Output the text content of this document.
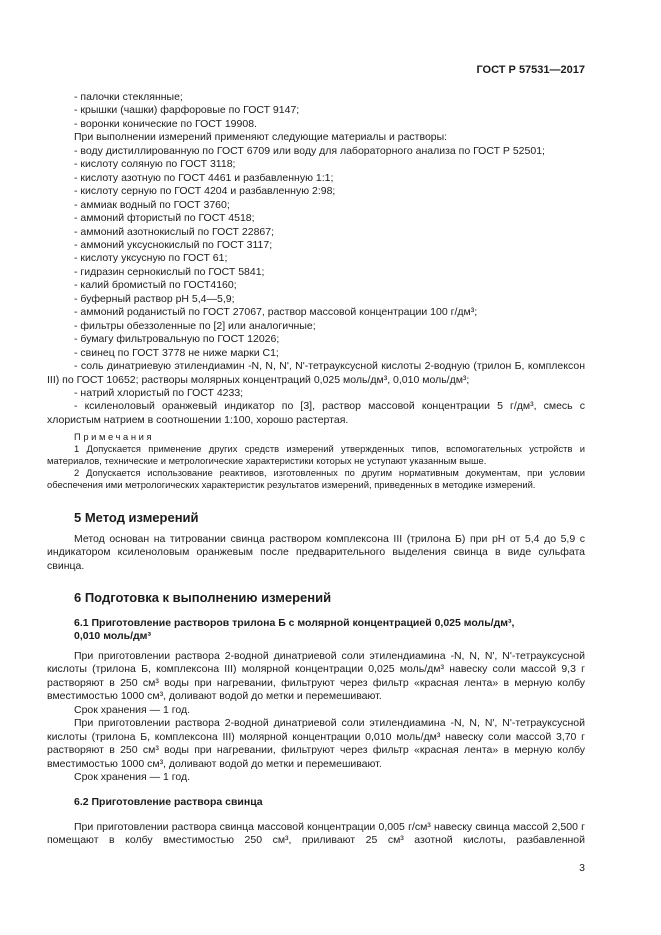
ГОСТ Р 57531—2017

- палочки стеклянные;

- крышки (чашки) фарфоровые по ГОСТ 9147;

- воронки конические по ГОСТ 19908.

При выполнении измерений применяют следующие материалы и растворы:

- воду дистиллированную по ГОСТ 6709 или воду для лабораторного анализа по ГОСТ Р 52501;

- кислоту соляную по ГОСТ 3118;

- кислоту азотную по ГОСТ 4461 и разбавленную 1:1;

- кислоту серную по ГОСТ 4204 и разбавленную 2:98;

- аммиак водный по ГОСТ 3760;

- аммоний фтористый по ГОСТ 4518;

- аммоний азотнокислый по ГОСТ 22867;

- аммоний уксуснокислый по ГОСТ 3117;

- кислоту уксусную по ГОСТ 61;

- гидразин сернокислый по ГОСТ 5841;

- калий бромистый по ГОСТ4160;

- буферный раствор рН 5,4—5,9;

- аммоний роданистый по ГОСТ 27067, раствор массовой концентрации 100 г/дм³;

- фильтры обеззоленные по [2] или аналогичные;

- бумагу фильтровальную по ГОСТ 12026;

- свинец по ГОСТ 3778 не ниже марки С1;

- соль динатриевую этилендиамин -N, N, N', N'-тетрауксусной кислоты 2-водную (трилон Б, комплексон III) по ГОСТ 10652; растворы молярных концентраций 0,025 моль/дм³, 0,010 моль/дм³;

- натрий хлористый по ГОСТ 4233;

- ксиленоловый оранжевый индикатор по [3], раствор массовой концентрации 5 г/дм³, смесь с хлористым натрием в соотношении 1:100, хорошо растертая.

Примечания

1 Допускается применение других средств измерений утвержденных типов, вспомогательных устройств и материалов, технические и метрологические характеристики которых не уступают указанным выше.

2 Допускается использование реактивов, изготовленных по другим нормативным документам, при условии обеспечения ими метрологических характеристик результатов измерений, приведенных в методике измерений.

5 Метод измерений

Метод основан на титровании свинца раствором комплексона III (трилона Б) при рН от 5,4 до 5,9 с индикатором ксиленоловым оранжевым после предварительного выделения свинца в виде сульфата свинца.

6 Подготовка к выполнению измерений
6.1 Приготовление растворов трилона Б с молярной концентрацией 0,025 моль/дм³,
0,010 моль/дм³

При приготовлении раствора 2-водной динатриевой соли этилендиамина -N, N, N', N'-тетрауксусной кислоты (трилона Б, комплексона III) молярной концентрации 0,025 моль/дм³ навеску соли массой 9,3 г растворяют в 250 см³ воды при нагревании, фильтруют через фильтр «красная лента» в мерную колбу вместимостью 1000 см³, доливают водой до метки и перемешивают.

Срок хранения — 1 год.

При приготовлении раствора 2-водной динатриевой соли этилендиамина -N, N, N', N'-тетрауксусной кислоты (трилона Б, комплексона III) молярной концентрации 0,010 моль/дм³ навеску соли массой 3,70 г растворяют в 250 см³ воды при нагревании, фильтруют через фильтр «красная лента» в мерную колбу вместимостью 1000 см³, доливают водой до метки и перемешивают.

Срок хранения — 1 год.

6.2 Приготовление раствора свинца

При приготовлении раствора свинца массовой концентрации 0,005 г/см³ навеску свинца массой 2,500 г помещают в колбу вместимостью 250 см³, приливают 25 см³ азотной кислоты, разбавленной

3
